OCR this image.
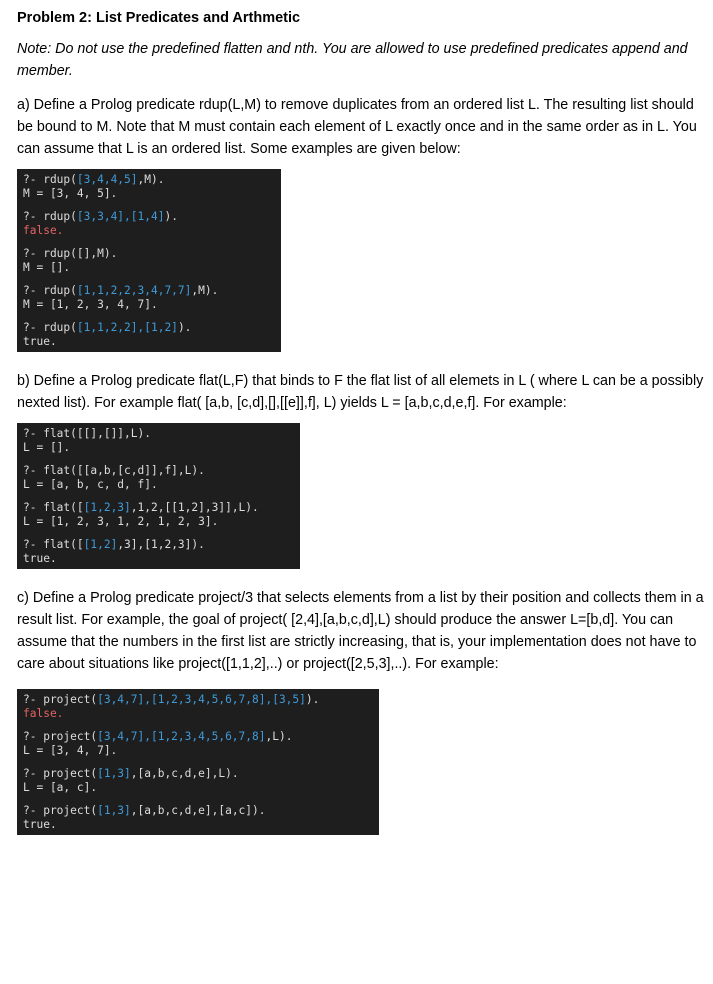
Problem 2: List Predicates and Arthmetic
Note: Do not use the predefined flatten and nth. You are allowed to use predefined predicates append and member.
a) Define a Prolog predicate rdup(L,M) to remove duplicates from an ordered list L. The resulting list should be bound to M. Note that M must contain each element of L exactly once and in the same order as in L. You can assume that L is an ordered list. Some examples are given below:
?- rdup([3,4,4,5],M).
M = [3, 4, 5].
?- rdup([3,3,4],[1,4]).
false.
?- rdup([],M).
M = [].
?- rdup([1,1,2,2,3,4,7,7],M).
M = [1, 2, 3, 4, 7].
?- rdup([1,1,2,2],[1,2]).
true.
b) Define a Prolog predicate flat(L,F) that binds to F the flat list of all elemets in L ( where L can be a possibly nexted list). For example flat( [a,b, [c,d],[],[[e]],f], L) yields L = [a,b,c,d,e,f]. For example:
?- flat([[],[]],L).
L = [].
?- flat([[a,b,[c,d]],f],L).
L = [a, b, c, d, f].
?- flat([[1,2,3],1,2,[[1,2],3]],L).
L = [1, 2, 3, 1, 2, 1, 2, 3].
?- flat([[1,2],3],[1,2,3]).
true.
c) Define a Prolog predicate project/3 that selects elements from a list by their position and collects them in a result list. For example, the goal of project( [2,4],[a,b,c,d],L) should produce the answer L=[b,d]. You can assume that the numbers in the first list are strictly increasing, that is, your implementation does not have to care about situations like project([1,1,2],..) or project([2,5,3],..). For example:
?- project([3,4,7],[1,2,3,4,5,6,7,8],[3,5]).
false.
?- project([3,4,7],[1,2,3,4,5,6,7,8],L).
L = [3, 4, 7].
?- project([1,3],[a,b,c,d,e],L).
L = [a, c].
?- project([1,3],[a,b,c,d,e],[a,c]).
true.
